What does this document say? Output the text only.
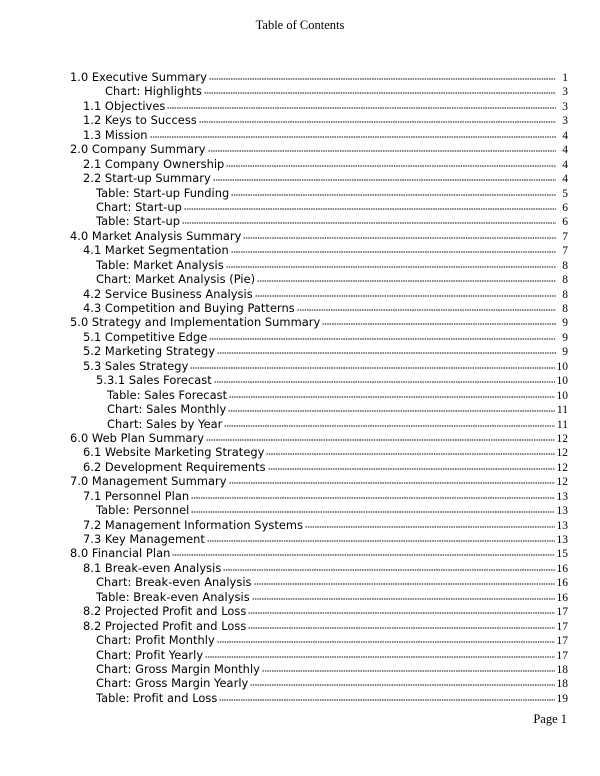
Table of Contents
1.0 Executive Summary	1
Chart: Highlights	3
1.1 Objectives	3
1.2 Keys to Success	3
1.3 Mission	4
2.0 Company Summary	4
2.1 Company Ownership	4
2.2 Start-up Summary	4
Table: Start-up Funding	5
Chart: Start-up	6
Table: Start-up	6
4.0 Market Analysis Summary	7
4.1 Market Segmentation	7
Table: Market Analysis	8
Chart: Market Analysis (Pie)	8
4.2 Service Business Analysis	8
4.3 Competition and Buying Patterns	8
5.0 Strategy and Implementation Summary	9
5.1 Competitive Edge	9
5.2 Marketing Strategy	9
5.3 Sales Strategy	10
5.3.1 Sales Forecast	10
Table: Sales Forecast	10
Chart: Sales Monthly	11
Chart: Sales by Year	11
6.0 Web Plan Summary	12
6.1 Website Marketing Strategy	12
6.2 Development Requirements	12
7.0 Management Summary	12
7.1 Personnel Plan	13
Table: Personnel	13
7.2 Management Information Systems	13
7.3 Key Management	13
8.0 Financial Plan	15
8.1 Break-even Analysis	16
Chart: Break-even Analysis	16
Table: Break-even Analysis	16
8.2 Projected Profit and Loss	17
8.2 Projected Profit and Loss	17
Chart: Profit Monthly	17
Chart: Profit Yearly	17
Chart: Gross Margin Monthly	18
Chart: Gross Margin Yearly	18
Table: Profit and Loss	19
Page 1
